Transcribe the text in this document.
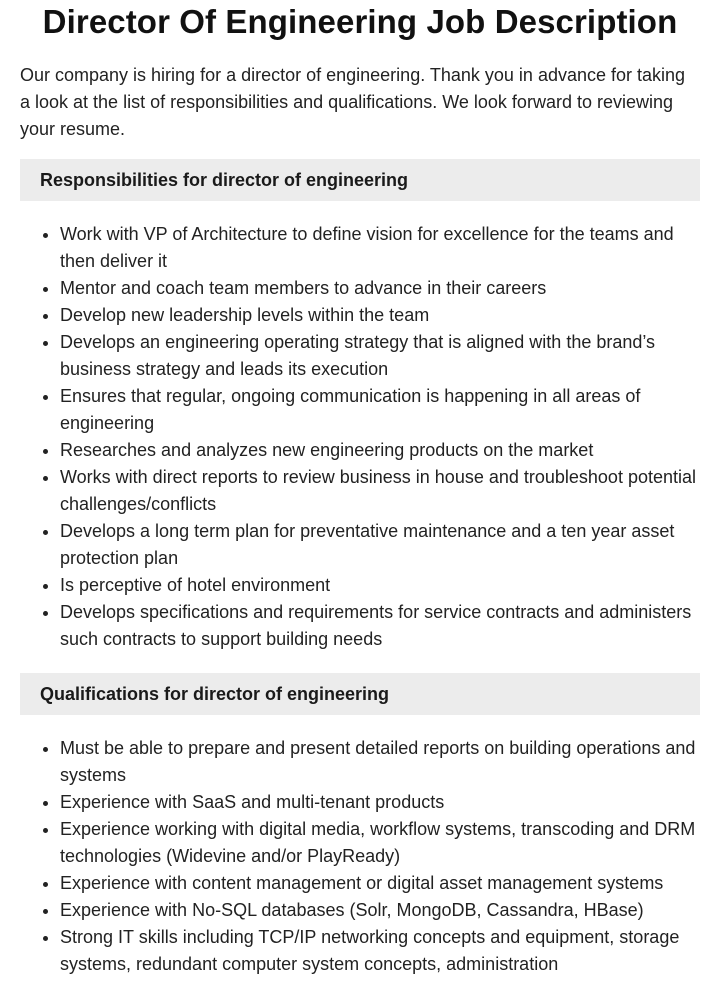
Director Of Engineering Job Description

Our company is hiring for a director of engineering. Thank you in advance for taking a look at the list of responsibilities and qualifications. We look forward to reviewing your resume.

Responsibilities for director of engineering
• Work with VP of Architecture to define vision for excellence for the teams and then deliver it
• Mentor and coach team members to advance in their careers
• Develop new leadership levels within the team
• Develops an engineering operating strategy that is aligned with the brand’s business strategy and leads its execution
• Ensures that regular, ongoing communication is happening in all areas of engineering
• Researches and analyzes new engineering products on the market
• Works with direct reports to review business in house and troubleshoot potential challenges/conflicts
• Develops a long term plan for preventative maintenance and a ten year asset protection plan
• Is perceptive of hotel environment
• Develops specifications and requirements for service contracts and administers such contracts to support building needs
Qualifications for director of engineering
• Must be able to prepare and present detailed reports on building operations and systems
• Experience with SaaS and multi-tenant products
• Experience working with digital media, workflow systems, transcoding and DRM technologies (Widevine and/or PlayReady)
• Experience with content management or digital asset management systems
• Experience with No-SQL databases (Solr, MongoDB, Cassandra, HBase)
• Strong IT skills including TCP/IP networking concepts and equipment, storage systems, redundant computer system concepts, administration
